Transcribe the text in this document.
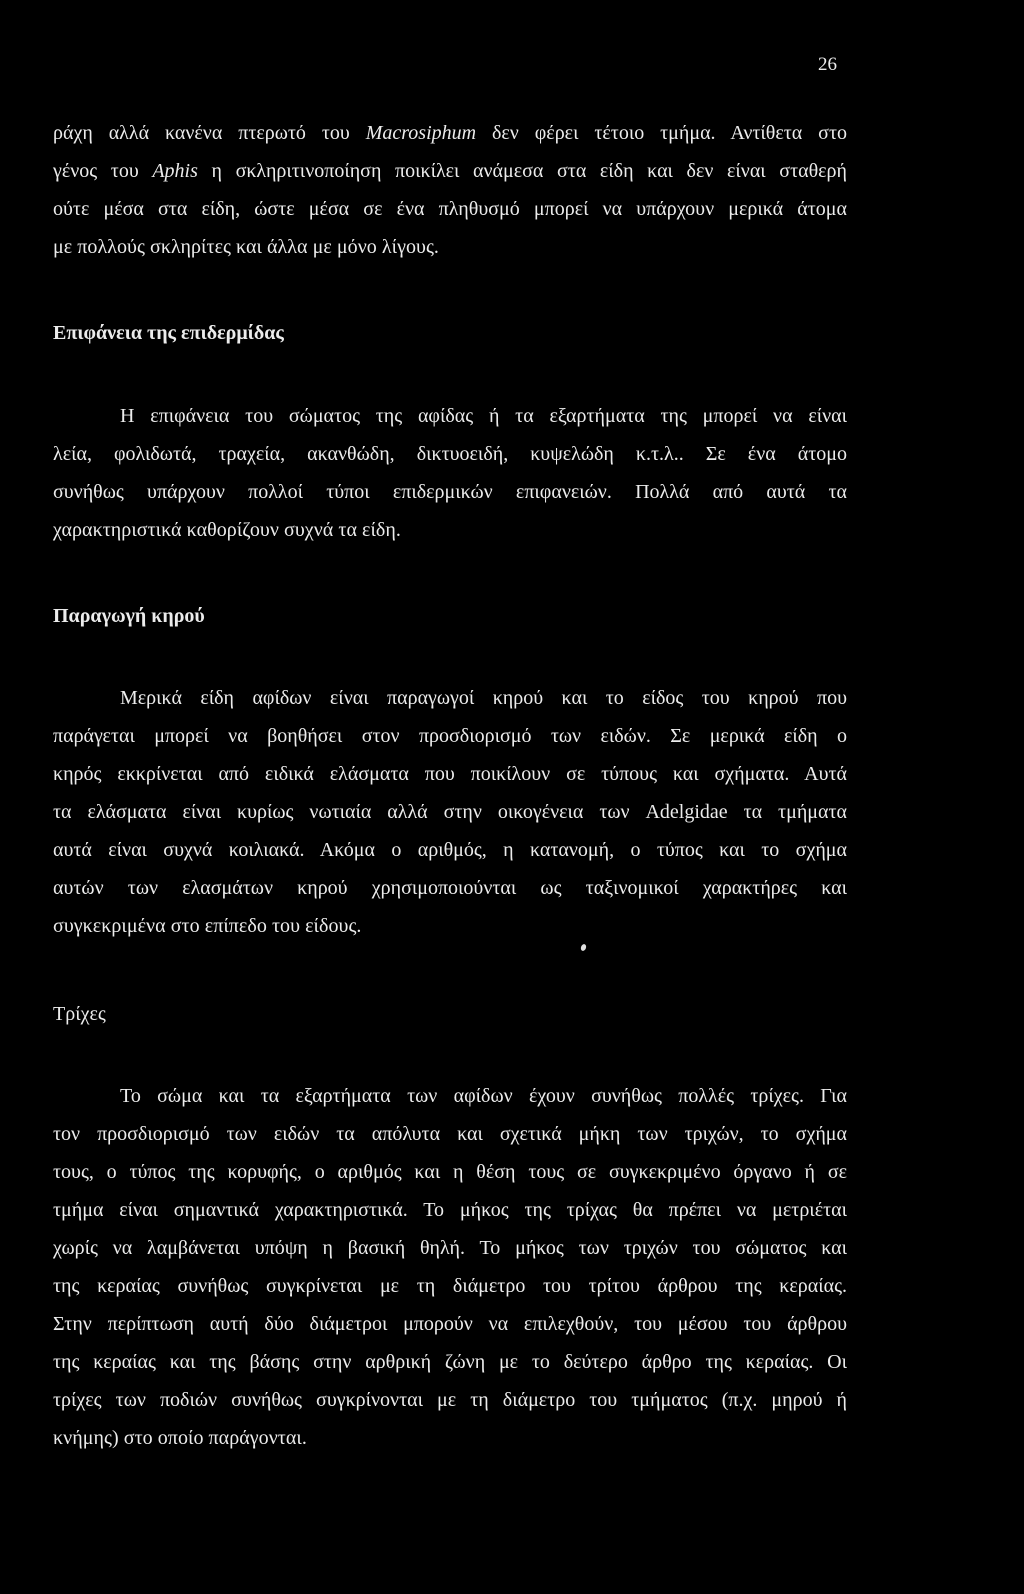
26
ράχη αλλά κανένα πτερωτό του Macrosiphum δεν φέρει τέτοιο τμήμα. Αντίθετα στο
γένος του Aphis η σκληριτινοποίηση ποικίλει ανάμεσα στα είδη και δεν είναι σταθερή
ούτε μέσα στα είδη, ώστε μέσα σε ένα πληθυσμό μπορεί να υπάρχουν μερικά άτομα
με πολλούς σκληρίτες και άλλα με μόνο λίγους.
Επιφάνεια της επιδερμίδας
Η επιφάνεια του σώματος της αφίδας ή τα εξαρτήματα της μπορεί να είναι
λεία, φολιδωτά, τραχεία, ακανθώδη, δικτυοειδή, κυψελώδη κ.τ.λ.. Σε ένα άτομο
συνήθως υπάρχουν πολλοί τύποι επιδερμικών επιφανειών. Πολλά από αυτά τα
χαρακτηριστικά καθορίζουν συχνά τα είδη.
Παραγωγή κηρού
Μερικά είδη αφίδων είναι παραγωγοί κηρού και το είδος του κηρού που
παράγεται μπορεί να βοηθήσει στον προσδιορισμό των ειδών. Σε μερικά είδη ο
κηρός εκκρίνεται από ειδικά ελάσματα που ποικίλουν σε τύπους και σχήματα. Αυτά
τα ελάσματα είναι κυρίως νωτιαία αλλά στην οικογένεια των Adelgidae τα τμήματα
αυτά είναι συχνά κοιλιακά. Ακόμα ο αριθμός, η κατανομή, ο τύπος και το σχήμα
αυτών των ελασμάτων κηρού χρησιμοποιούνται ως ταξινομικοί χαρακτήρες και
συγκεκριμένα στο επίπεδο του είδους.
Τρίχες
Το σώμα και τα εξαρτήματα των αφίδων έχουν συνήθως πολλές τρίχες. Για
τον προσδιορισμό των ειδών τα απόλυτα και σχετικά μήκη των τριχών, το σχήμα
τους, ο τύπος της κορυφής, ο αριθμός και η θέση τους σε συγκεκριμένο όργανο ή σε
τμήμα είναι σημαντικά χαρακτηριστικά. Το μήκος της τρίχας θα πρέπει να μετριέται
χωρίς να λαμβάνεται υπόψη η βασική θηλή. Το μήκος των τριχών του σώματος και
της κεραίας συνήθως συγκρίνεται με τη διάμετρο του τρίτου άρθρου της κεραίας.
Στην περίπτωση αυτή δύο διάμετροι μπορούν να επιλεχθούν, του μέσου του άρθρου
της κεραίας και της βάσης στην αρθρική ζώνη με το δεύτερο άρθρο της κεραίας. Οι
τρίχες των ποδιών συνήθως συγκρίνονται με τη διάμετρο του τμήματος (π.χ. μηρού ή
κνήμης) στο οποίο παράγονται.
